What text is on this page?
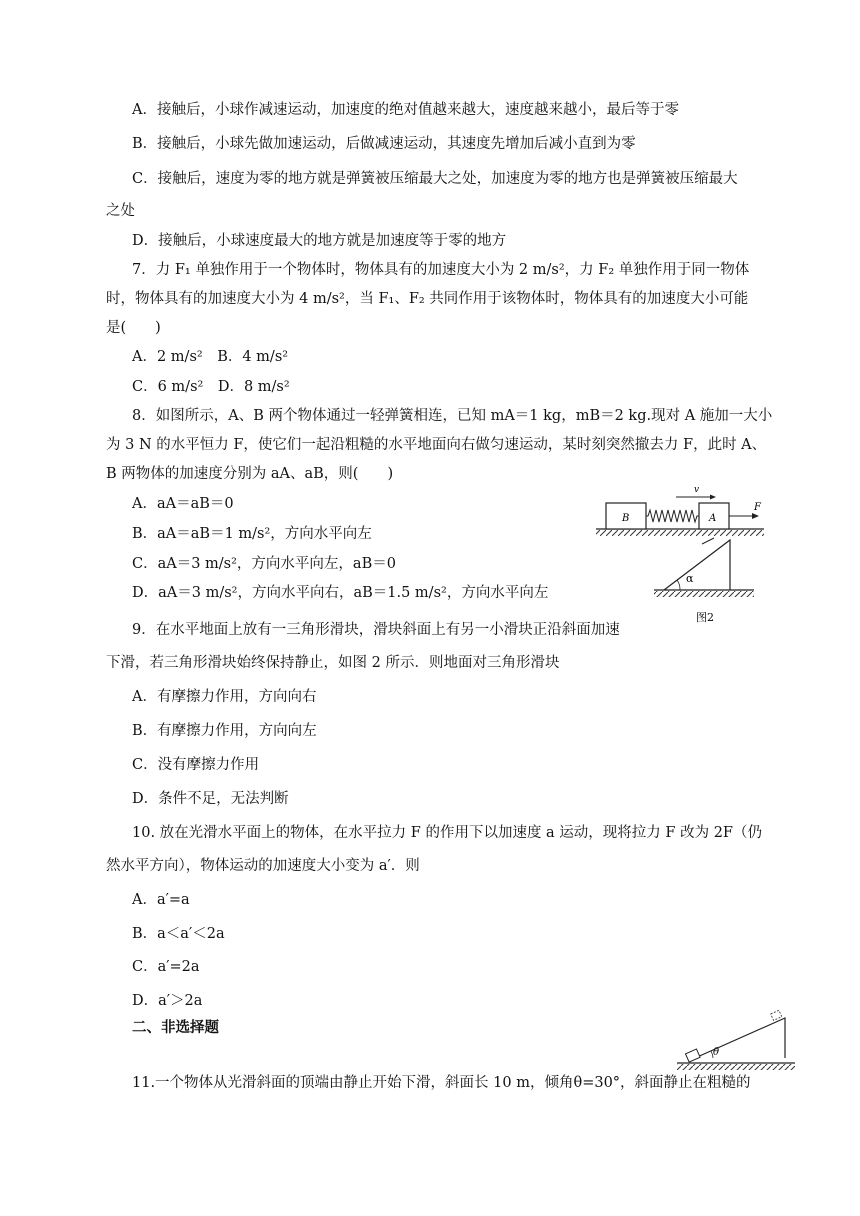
A．接触后，小球作减速运动，加速度的绝对值越来越大，速度越来越小，最后等于零
B．接触后，小球先做加速运动，后做减速运动，其速度先增加后减小直到为零
C．接触后，速度为零的地方就是弹簧被压缩最大之处，加速度为零的地方也是弹簧被压缩最大
之处
D．接触后，小球速度最大的地方就是加速度等于零的地方
7．力 F₁ 单独作用于一个物体时，物体具有的加速度大小为 2 m/s²，力 F₂ 单独作用于同一物体
时，物体具有的加速度大小为 4 m/s²，当 F₁、F₂ 共同作用于该物体时，物体具有的加速度大小可能
是(　　)
A．2 m/s²　B．4 m/s²
C．6 m/s²　D．8 m/s²
8．如图所示，A、B 两个物体通过一轻弹簧相连，已知 mA＝1 kg，mB＝2 kg.现对 A 施加一大小
为 3 N 的水平恒力 F，使它们一起沿粗糙的水平地面向右做匀速运动，某时刻突然撤去力 F，此时 A、
B 两物体的加速度分别为 aA、aB，则(　　)
A．aA＝aB＝0
B．aA＝aB＝1 m/s²，方向水平向左
C．aA＝3 m/s²，方向水平向左，aB＝0
D．aA＝3 m/s²，方向水平向右，aB＝1.5 m/s²，方向水平向左
9．在水平地面上放有一三角形滑块，滑块斜面上有另一小滑块正沿斜面加速
下滑，若三角形滑块始终保持静止，如图 2 所示．则地面对三角形滑块
A．有摩擦力作用，方向向右
B．有摩擦力作用，方向向左
C．没有摩擦力作用
D．条件不足，无法判断
10. 放在光滑水平面上的物体，在水平拉力 F 的作用下以加速度 a 运动，现将拉力 F 改为 2F（仍
然水平方向），物体运动的加速度大小变为 a′．则
A．a′=a
B．a＜a′＜2a
C．a′=2a
D．a′＞2a
二、非选择题
11.一个物体从光滑斜面的顶端由静止开始下滑，斜面长 10 m，倾角θ=30°，斜面静止在粗糙的
B	A
v
F
α
图2
θ
